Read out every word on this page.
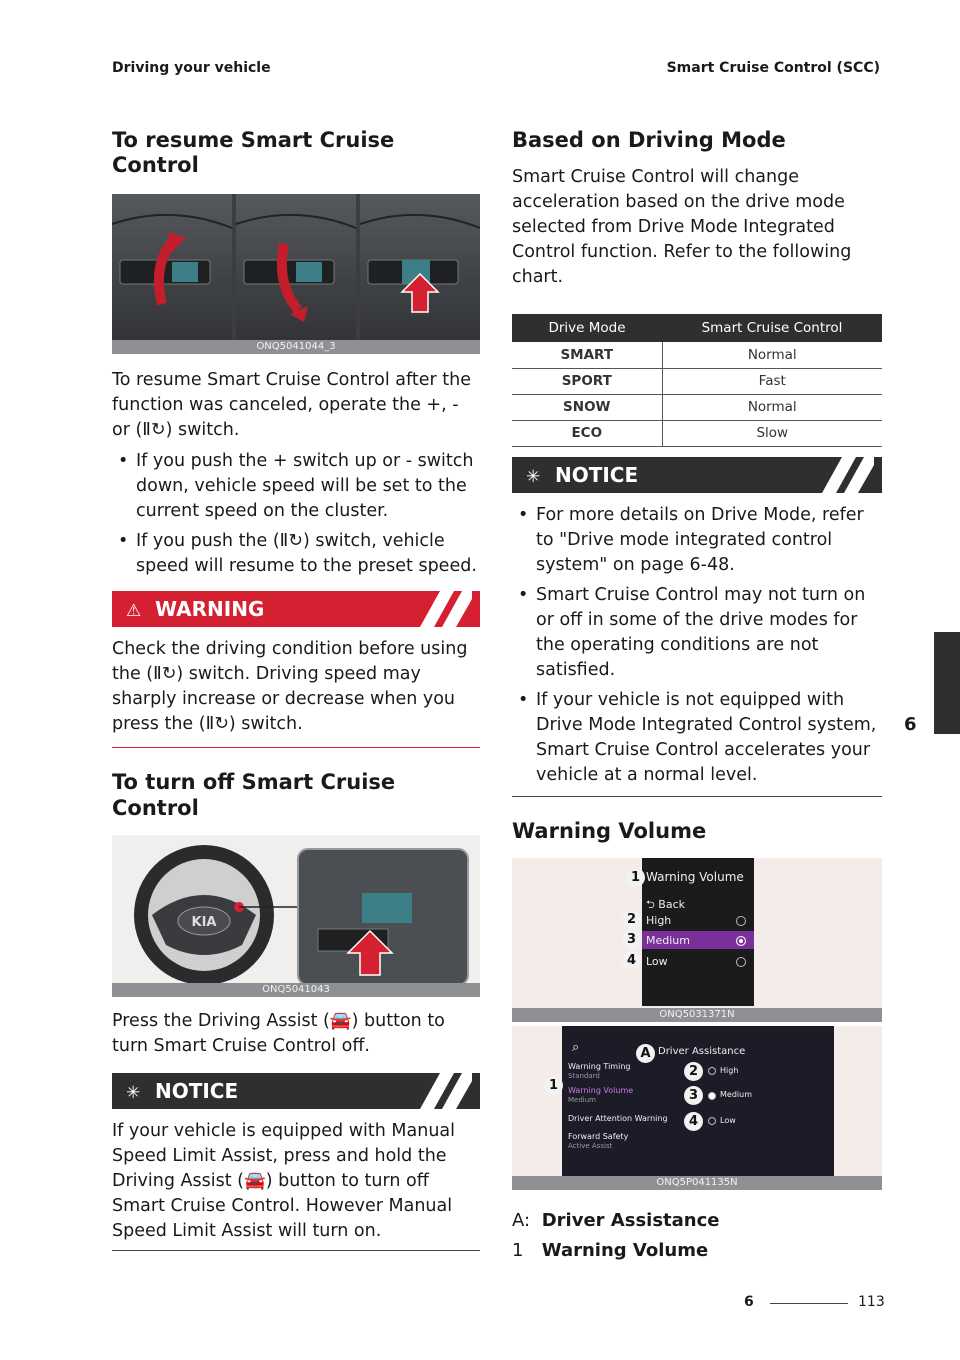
Driving your vehicle	Smart Cruise Control (SCC)
To resume Smart Cruise Control
ONQ5041044_3

To resume Smart Cruise Control after the function was canceled, operate the +, - or (Ⅱ↻) switch.

• If you push the + switch up or - switch down, vehicle speed will be set to the current speed on the cluster.
• If you push the (Ⅱ↻) switch, vehicle speed will resume to the preset speed.
⚠ WARNING

Check the driving condition before using the (Ⅱ↻) switch. Driving speed may sharply increase or decrease when you press the (Ⅱ↻) switch.

To turn off Smart Cruise Control
KIA
ONQ5041043

Press the Driving Assist (🚘) button to turn Smart Cruise Control off.

✳ NOTICE

If your vehicle is equipped with Manual Speed Limit Assist, press and hold the Driving Assist (🚘) button to turn off Smart Cruise Control. However Manual Speed Limit Assist will turn on.

Based on Driving Mode

Smart Cruise Control will change acceleration based on the drive mode selected from Drive Mode Integrated Control function. Refer to the following chart.

Drive Mode	Smart Cruise Control
SMART	Normal
SPORT	Fast
SNOW	Normal
ECO	Slow
✳ NOTICE
• For more details on Drive Mode, refer to "Drive mode integrated control system" on page 6-48.
• Smart Cruise Control may not turn on or off in some of the drive modes for the operating conditions are not satisfied.
• If your vehicle is not equipped with Drive Mode Integrated Control system, Smart Cruise Control accelerates your vehicle at a normal level.
Warning Volume
1 Warning Volume
⮌ Back
2 High
3 Medium
4 Low
ONQ5031371N
⌕	A Driver Assistance
Warning Timing
Standard
1	Warning Volume
Medium
Driver Attention Warning
Forward Safety
Active Assist
2	High
3	Medium
4	Low
ONQ5P041135N
A: Driver Assistance
1 Warning Volume
6
6	113
